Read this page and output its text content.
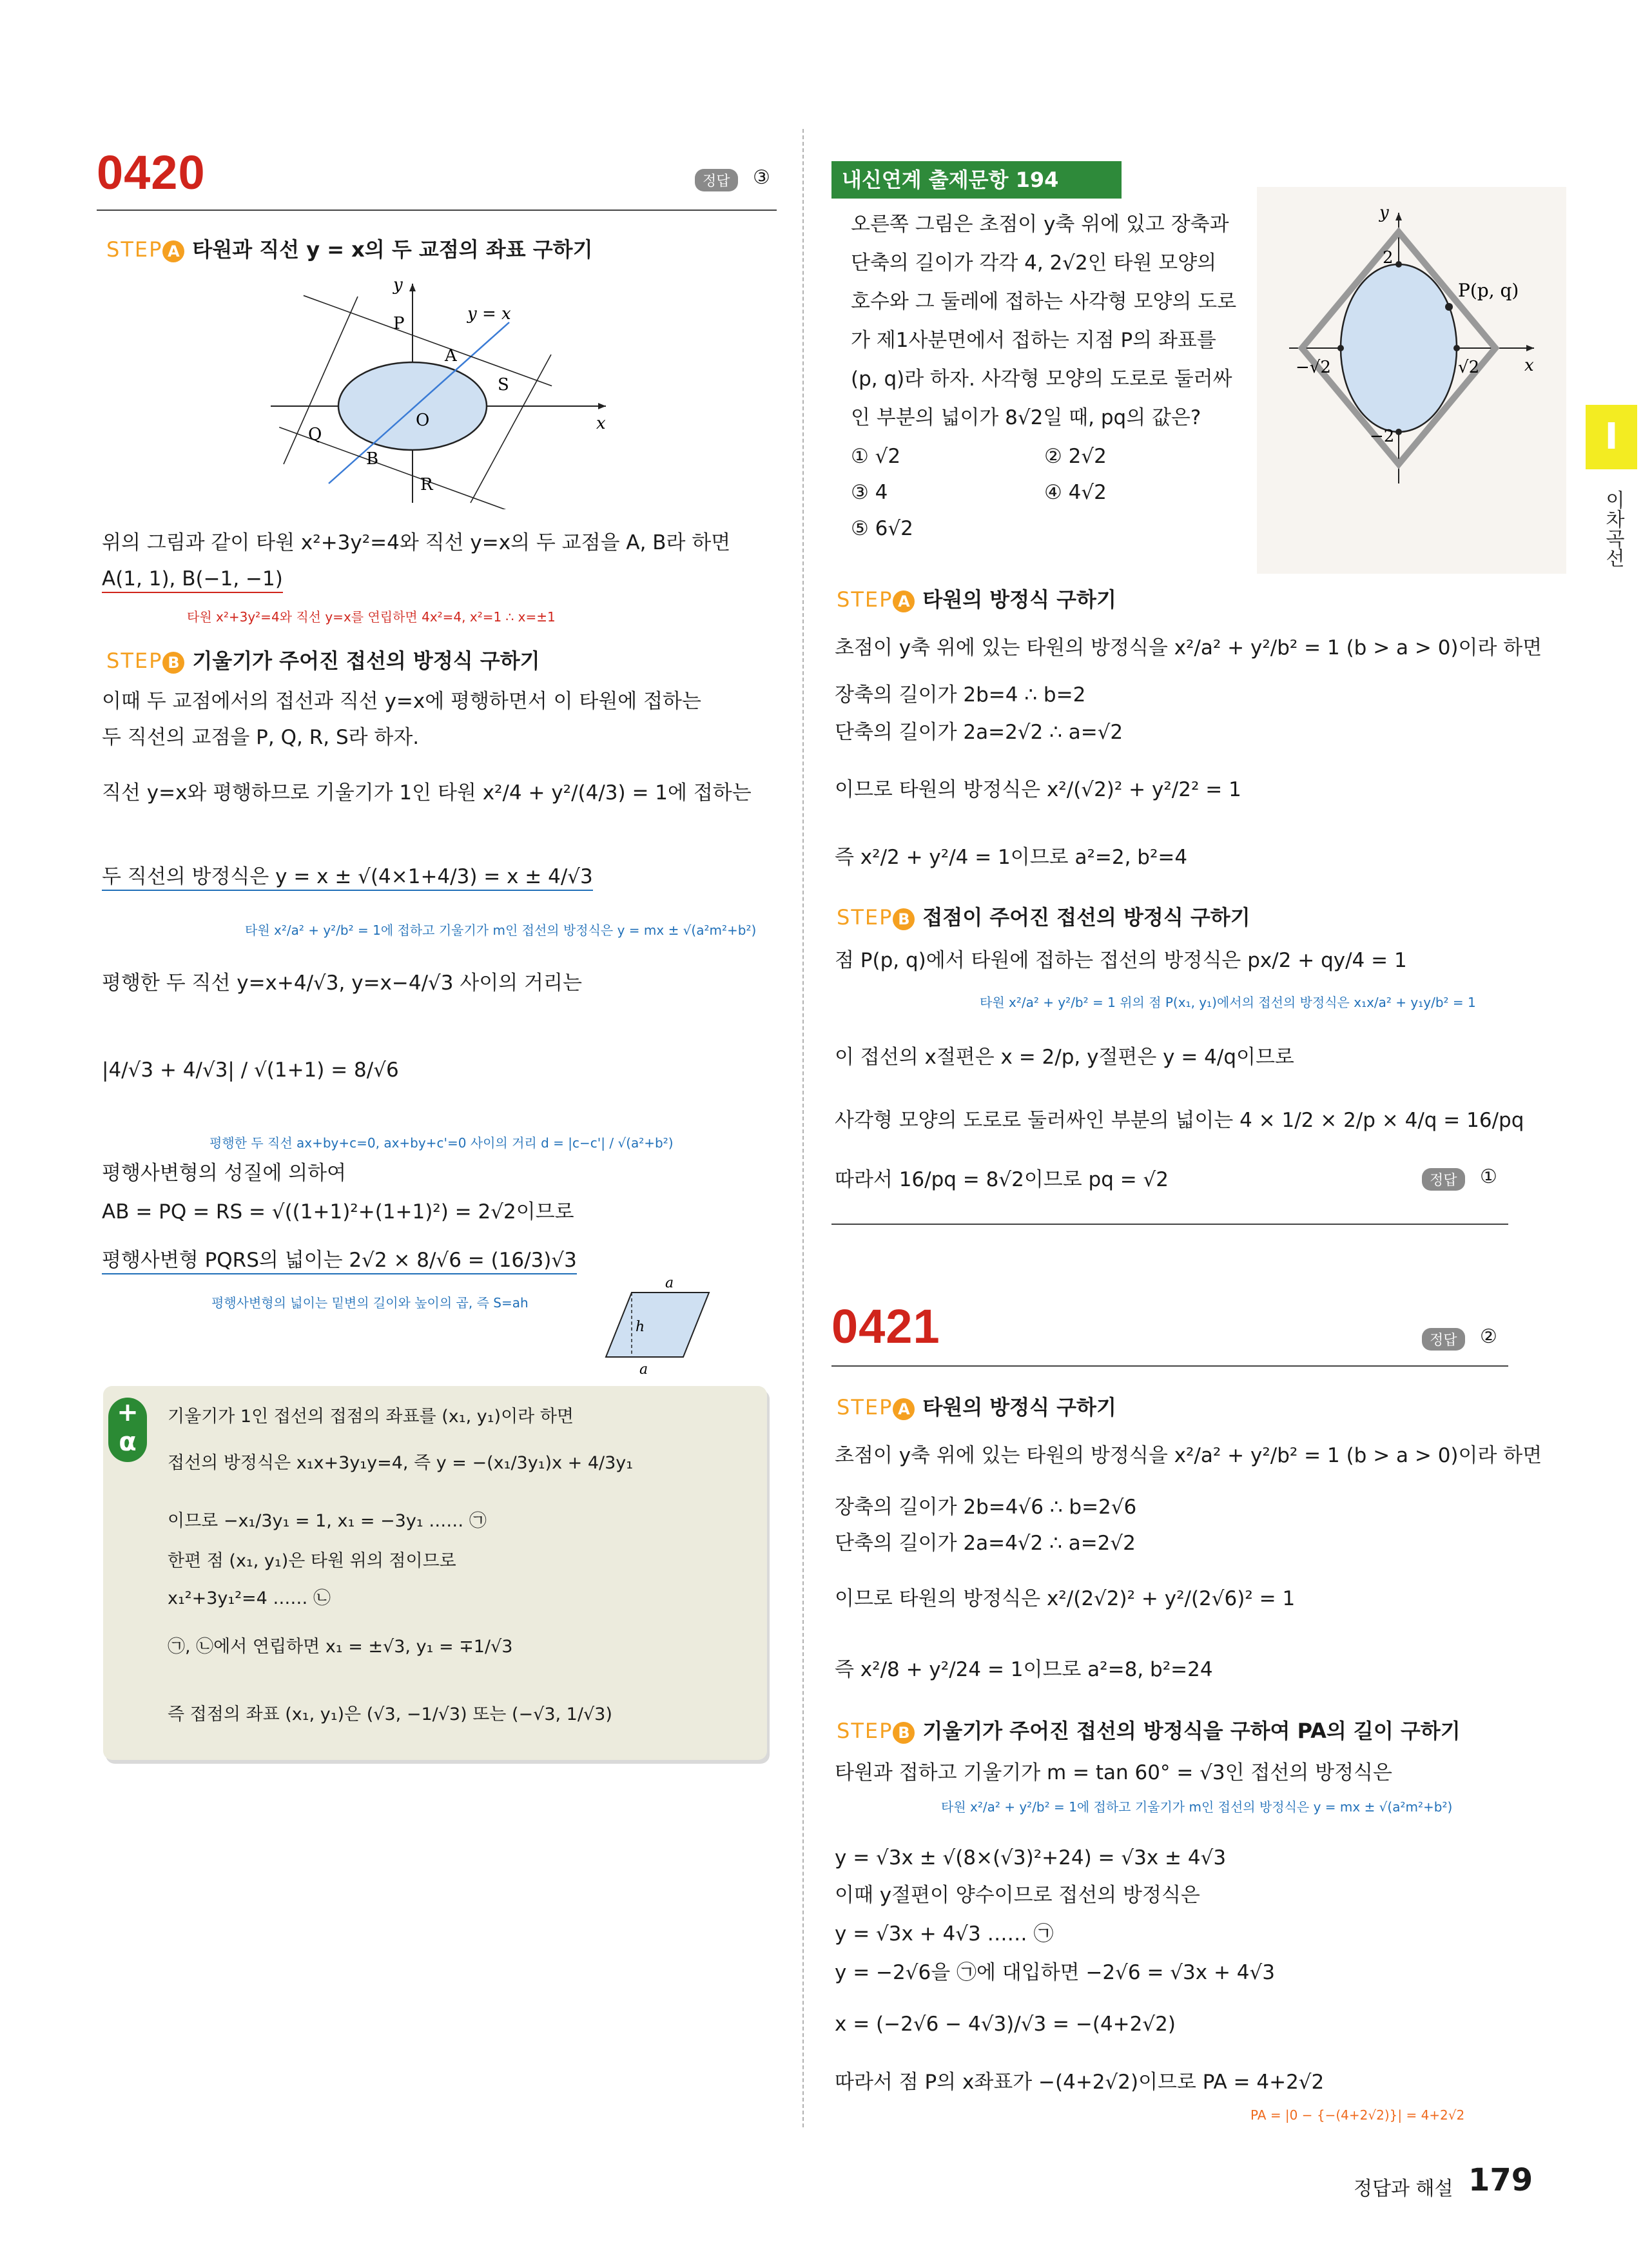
I
이차곡선
0420	정답	③
STEP A 타원과 직선 y = x의 두 교점의 좌표 구하기
y
x
y = x
O
P
A
S
Q
B
R
위의 그림과 같이 타원 x²+3y²=4와 직선 y=x의 두 교점을 A, B라 하면
A(1, 1), B(−1, −1)
타원 x²+3y²=4와 직선 y=x를 연립하면 4x²=4, x²=1 ∴ x=±1
STEP B 기울기가 주어진 접선의 방정식 구하기
이때 두 교점에서의 접선과 직선 y=x에 평행하면서 이 타원에 접하는
두 직선의 교점을 P, Q, R, S라 하자.
직선 y=x와 평행하므로 기울기가 1인 타원 x²/4 + y²/(4/3) = 1에 접하는
두 직선의 방정식은 y = x ± √(4×1+4/3) = x ± 4/√3
타원 x²/a² + y²/b² = 1에 접하고 기울기가 m인 접선의 방정식은 y = mx ± √(a²m²+b²)
평행한 두 직선 y=x+4/√3, y=x−4/√3 사이의 거리는
|4/√3 + 4/√3| / √(1+1) = 8/√6
평행한 두 직선 ax+by+c=0, ax+by+c'=0 사이의 거리 d = |c−c'| / √(a²+b²)
평행사변형의 성질에 의하여
AB = PQ = RS = √((1+1)²+(1+1)²) = 2√2이므로
평행사변형 PQRS의 넓이는 2√2 × 8/√6 = (16/3)√3
평행사변형의 넓이는 밑변의 길이와 높이의 곱, 즉 S=ah
a
h
a
+
α
기울기가 1인 접선의 접점의 좌표를 (x₁, y₁)이라 하면
접선의 방정식은 x₁x+3y₁y=4, 즉 y = −(x₁/3y₁)x + 4/3y₁
이므로 −x₁/3y₁ = 1, x₁ = −3y₁ …… ㉠
한편 점 (x₁, y₁)은 타원 위의 점이므로
x₁²+3y₁²=4 …… ㉡
㉠, ㉡에서 연립하면 x₁ = ±√3, y₁ = ∓1/√3
즉 접점의 좌표 (x₁, y₁)은 (√3, −1/√3) 또는 (−√3, 1/√3)
내신연계 출제문항 194
오른쪽 그림은 초점이 y축 위에 있고 장축과
단축의 길이가 각각 4, 2√2인 타원 모양의
호수와 그 둘레에 접하는 사각형 모양의 도로
가 제1사분면에서 접하는 지점 P의 좌표를
(p, q)라 하자. 사각형 모양의 도로로 둘러싸
인 부분의 넓이가 8√2일 때, pq의 값은?
① √2	② 2√2
③ 4	④ 4√2
⑤ 6√2
y
x
P(p, q)
2
−2
−√2	√2
STEP A 타원의 방정식 구하기
초점이 y축 위에 있는 타원의 방정식을 x²/a² + y²/b² = 1 (b > a > 0)이라 하면
장축의 길이가 2b=4 ∴ b=2
단축의 길이가 2a=2√2 ∴ a=√2
이므로 타원의 방정식은 x²/(√2)² + y²/2² = 1
즉 x²/2 + y²/4 = 1이므로 a²=2, b²=4
STEP B 접점이 주어진 접선의 방정식 구하기
점 P(p, q)에서 타원에 접하는 접선의 방정식은 px/2 + qy/4 = 1
타원 x²/a² + y²/b² = 1 위의 점 P(x₁, y₁)에서의 접선의 방정식은 x₁x/a² + y₁y/b² = 1
이 접선의 x절편은 x = 2/p, y절편은 y = 4/q이므로
사각형 모양의 도로로 둘러싸인 부분의 넓이는 4 × 1/2 × 2/p × 4/q = 16/pq
따라서 16/pq = 8√2이므로 pq = √2	정답	①
0421	정답	②
STEP A 타원의 방정식 구하기
초점이 y축 위에 있는 타원의 방정식을 x²/a² + y²/b² = 1 (b > a > 0)이라 하면
장축의 길이가 2b=4√6 ∴ b=2√6
단축의 길이가 2a=4√2 ∴ a=2√2
이므로 타원의 방정식은 x²/(2√2)² + y²/(2√6)² = 1
즉 x²/8 + y²/24 = 1이므로 a²=8, b²=24
STEP B 기울기가 주어진 접선의 방정식을 구하여 PA의 길이 구하기
타원과 접하고 기울기가 m = tan 60° = √3인 접선의 방정식은
타원 x²/a² + y²/b² = 1에 접하고 기울기가 m인 접선의 방정식은 y = mx ± √(a²m²+b²)
y = √3x ± √(8×(√3)²+24) = √3x ± 4√3
이때 y절편이 양수이므로 접선의 방정식은
y = √3x + 4√3 …… ㉠
y = −2√6을 ㉠에 대입하면 −2√6 = √3x + 4√3
x = (−2√6 − 4√3)/√3 = −(4+2√2)
따라서 점 P의 x좌표가 −(4+2√2)이므로 PA = 4+2√2
PA = |0 − {−(4+2√2)}| = 4+2√2
정답과 해설 179
